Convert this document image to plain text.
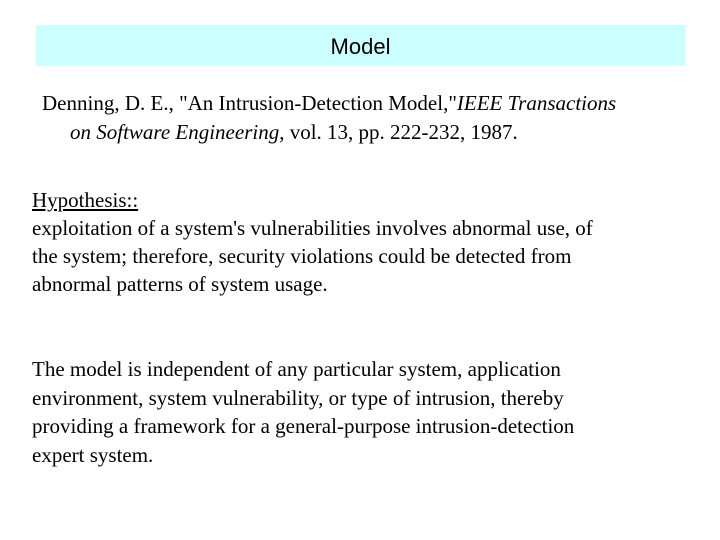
Model
Denning, D. E., "An Intrusion-Detection Model,"IEEE Transactions
on Software Engineering, vol. 13, pp. 222-232, 1987.
Hypothesis::
exploitation of a system's vulnerabilities involves abnormal use, of
the system; therefore, security violations could be detected from
abnormal patterns of system usage.
The model is independent of any particular system, application
environment, system vulnerability, or type of intrusion, thereby
providing a framework for a general-purpose intrusion-detection
expert system.
